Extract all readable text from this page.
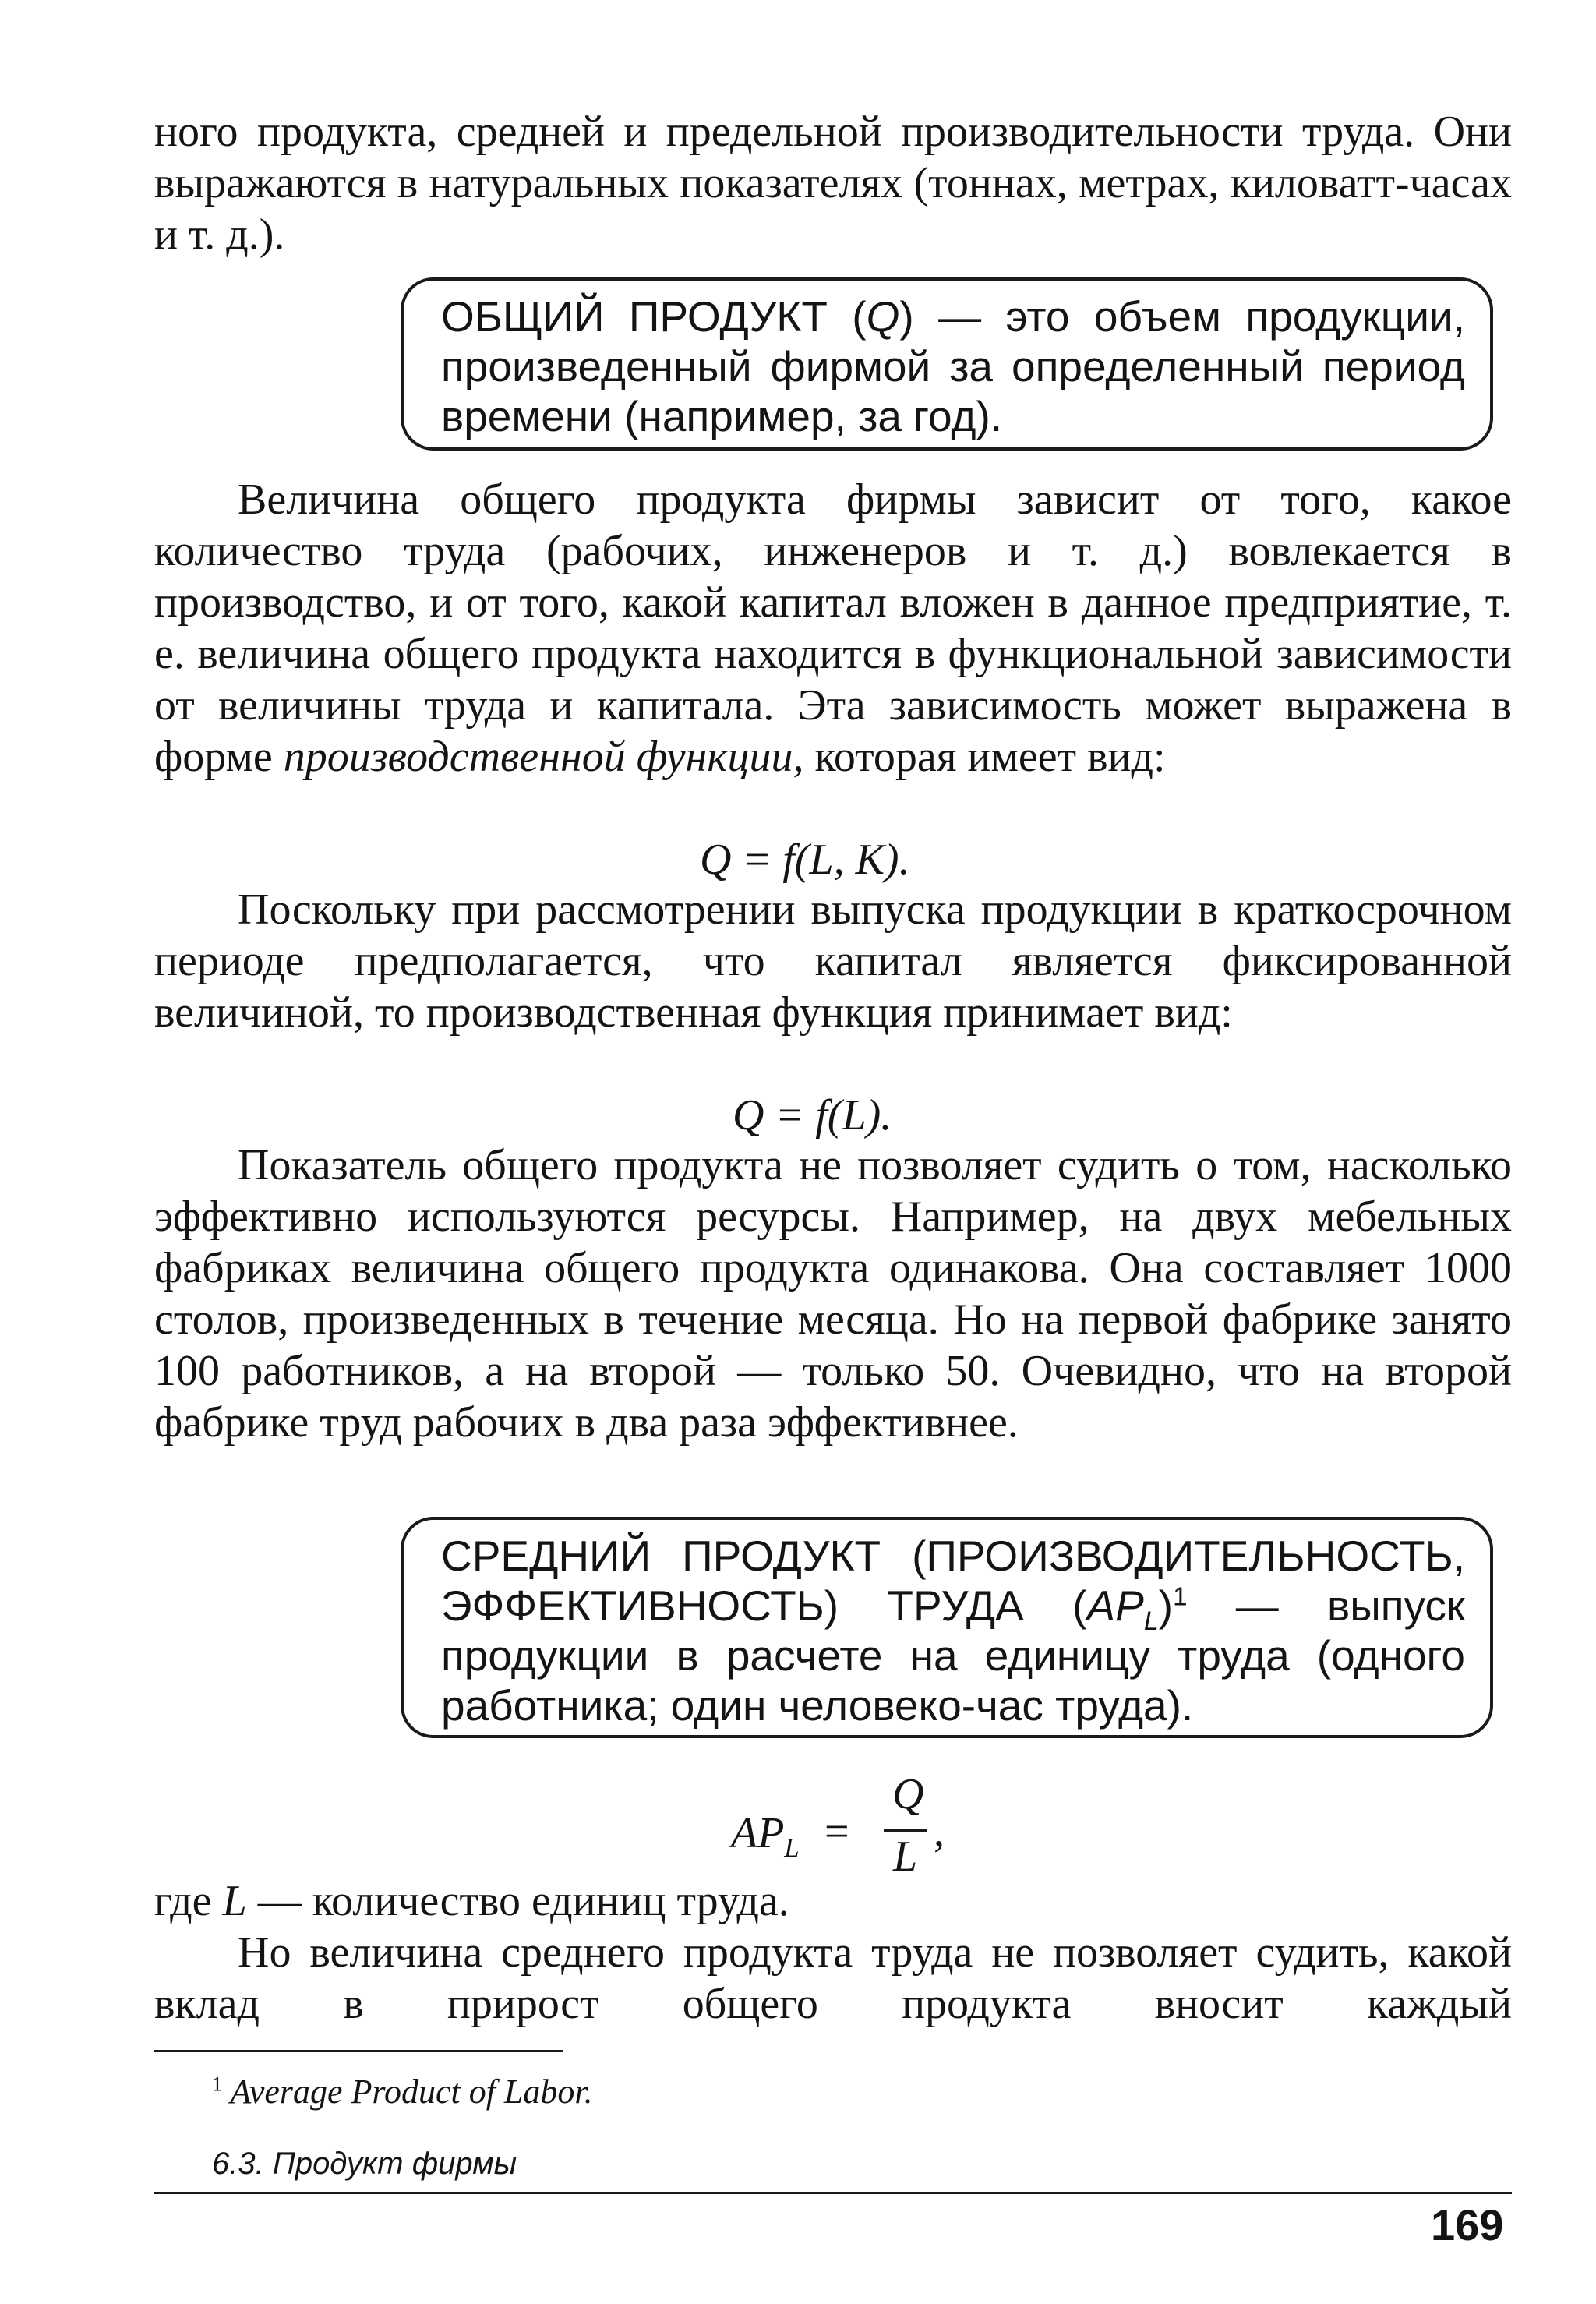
ного продукта, средней и предельной производительности труда. Они выражаются в натуральных показателях (тоннах, метрах, киловатт-часах и т. д.).

ОБЩИЙ ПРОДУКТ (Q) — это объем продукции, произведенный фирмой за определенный период времени (например, за год).

Величина общего продукта фирмы зависит от того, какое количество труда (рабочих, инженеров и т. д.) вовлекается в производство, и от того, какой капитал вложен в данное предприятие, т. е. величина общего продукта находится в функциональной зависимости от величины труда и капитала. Эта зависимость может выражена в форме производственной функции, которая имеет вид:

Q = f(L, K).

Поскольку при рассмотрении выпуска продукции в краткосрочном периоде предполагается, что капитал является фиксированной величиной, то производственная функция принимает вид:

Q = f(L).

Показатель общего продукта не позволяет судить о том, насколько эффективно используются ресурсы. Например, на двух мебельных фабриках величина общего продукта одинакова. Она составляет 1000 столов, произведенных в течение месяца. Но на первой фабрике занято 100 работников, а на второй — только 50. Очевидно, что на второй фабрике труд рабочих в два раза эффективнее.

СРЕДНИЙ ПРОДУКТ (ПРОИЗВОДИТЕЛЬНОСТЬ, ЭФФЕКТИВНОСТЬ) ТРУДА $(AP_L)^1$ — выпуск продукции в расчете на единицу труда (одного работника; один человеко-час труда).

$AP_L$ =
Q
L
,

где L — количество единиц труда.

Но величина среднего продукта труда не позволяет судить, какой вклад в прирост общего продукта вносит каждый

$^1$ Average Product of Labor.
6.3. Продукт фирмы
169
